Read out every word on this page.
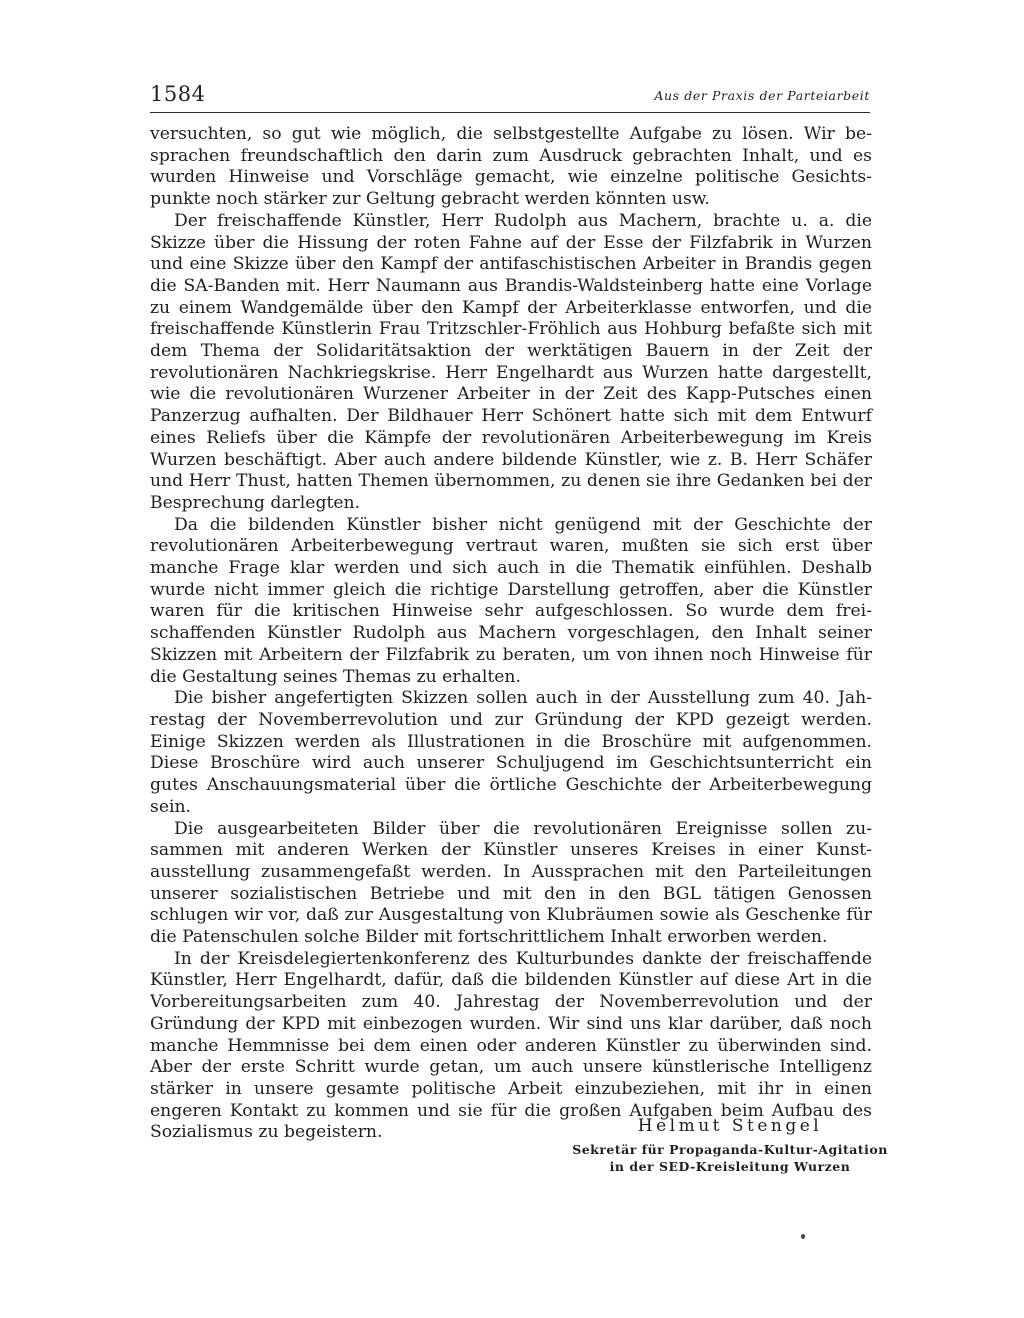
1584	Aus der Praxis der Parteiarbeit

versuchten, so gut wie möglich, die selbstgestellte Aufgabe zu lösen. Wir besprachen freundschaftlich den darin zum Ausdruck gebrachten Inhalt, und es wurden Hinweise und Vorschläge gemacht, wie einzelne politische Gesichtspunkte noch stärker zur Geltung gebracht werden könnten usw.

Der freischaffende Künstler, Herr Rudolph aus Machern, brachte u. a. die Skizze über die Hissung der roten Fahne auf der Esse der Filzfabrik in Wurzen und eine Skizze über den Kampf der antifaschistischen Arbeiter in Brandis gegen die SA-Banden mit. Herr Naumann aus Brandis-Waldsteinberg hatte eine Vorlage zu einem Wandgemälde über den Kampf der Arbeiterklasse entworfen, und die freischaffende Künstlerin Frau Tritzschler-Fröhlich aus Hohburg befaßte sich mit dem Thema der Solidaritätsaktion der werktätigen Bauern in der Zeit der revolutionären Nachkriegskrise. Herr Engelhardt aus Wurzen hatte dargestellt, wie die revolutionären Wurzener Arbeiter in der Zeit des Kapp-Putsches einen Panzerzug aufhalten. Der Bildhauer Herr Schönert hatte sich mit dem Entwurf eines Reliefs über die Kämpfe der revolutionären Arbeiterbewegung im Kreis Wurzen beschäftigt. Aber auch andere bildende Künstler, wie z. B. Herr Schäfer und Herr Thust, hatten Themen übernommen, zu denen sie ihre Gedanken bei der Besprechung darlegten.

Da die bildenden Künstler bisher nicht genügend mit der Geschichte der revolutionären Arbeiterbewegung vertraut waren, mußten sie sich erst über manche Frage klar werden und sich auch in die Thematik einfühlen. Deshalb wurde nicht immer gleich die richtige Darstellung getroffen, aber die Künstler waren für die kritischen Hinweise sehr aufgeschlossen. So wurde dem freischaffenden Künstler Rudolph aus Machern vorgeschlagen, den Inhalt seiner Skizzen mit Arbeitern der Filzfabrik zu beraten, um von ihnen noch Hinweise für die Gestaltung seines Themas zu erhalten.

Die bisher angefertigten Skizzen sollen auch in der Ausstellung zum 40. Jahrestag der Novemberrevolution und zur Gründung der KPD gezeigt werden. Einige Skizzen werden als Illustrationen in die Broschüre mit aufgenommen. Diese Broschüre wird auch unserer Schuljugend im Geschichtsunterricht ein gutes Anschauungsmaterial über die örtliche Geschichte der Arbeiterbewegung sein.

Die ausgearbeiteten Bilder über die revolutionären Ereignisse sollen zusammen mit anderen Werken der Künstler unseres Kreises in einer Kunstausstellung zusammengefaßt werden. In Aussprachen mit den Parteileitungen unserer sozialistischen Betriebe und mit den in den BGL tätigen Genossen schlugen wir vor, daß zur Ausgestaltung von Klubräumen sowie als Geschenke für die Patenschulen solche Bilder mit fortschrittlichem Inhalt erworben werden.

In der Kreisdelegiertenkonferenz des Kulturbundes dankte der freischaffende Künstler, Herr Engelhardt, dafür, daß die bildenden Künstler auf diese Art in die Vorbereitungsarbeiten zum 40. Jahrestag der Novemberrevolution und der Gründung der KPD mit einbezogen wurden. Wir sind uns klar darüber, daß noch manche Hemmnisse bei dem einen oder anderen Künstler zu überwinden sind. Aber der erste Schritt wurde getan, um auch unsere künstlerische Intelligenz stärker in unsere gesamte politische Arbeit einzubeziehen, mit ihr in einen engeren Kontakt zu kommen und sie für die großen Aufgaben beim Aufbau des Sozialismus zu begeistern.	Helmut Stengel
Sekretär für Propaganda-Kultur-Agitation
in der SED-Kreisleitung Wurzen
